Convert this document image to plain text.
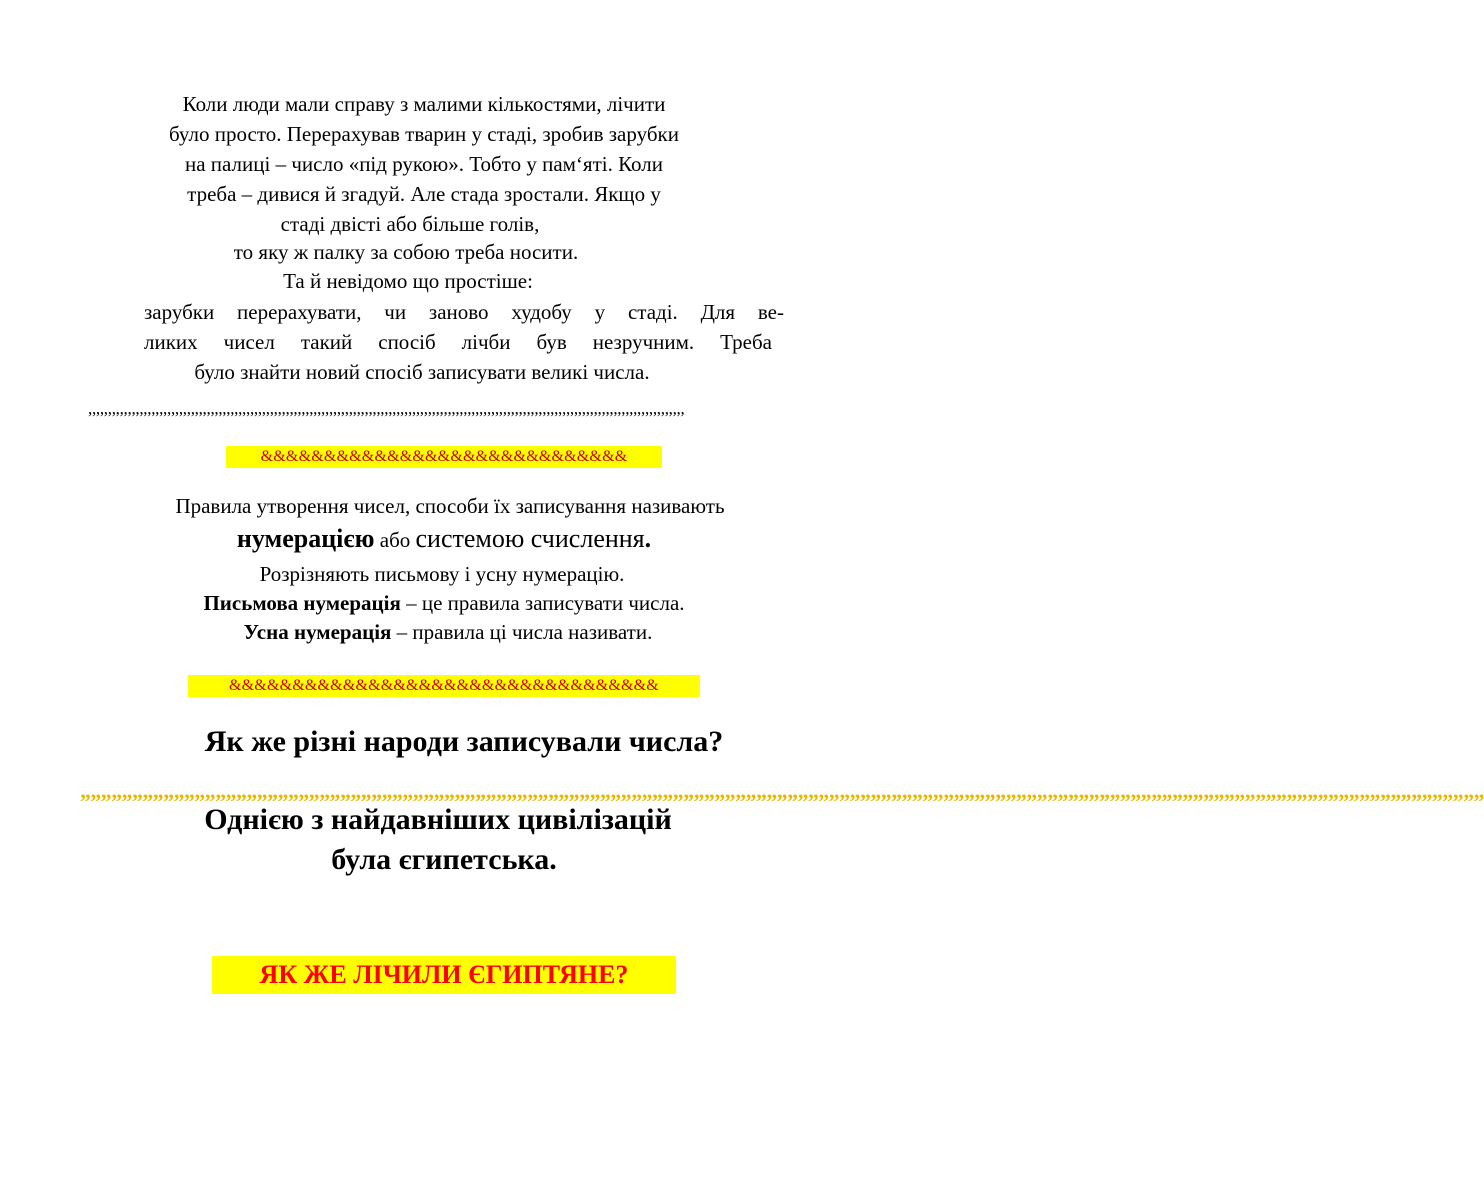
Коли люди мали справу з малими кількостями, лічити
було просто. Перерахував тварин у стаді, зробив зарубки
на палиці – число «під рукою». Тобто у пам‘яті. Коли
треба – дивися й згадуй. Але стада зростали. Якщо у
стаді двісті або більше голів,
то яку ж палку за собою треба носити.
Та й невідомо що простіше:
зарубки перерахувати, чи заново худобу у стаді. Для ве-
ликих чисел такий спосіб лічби був незручним. Треба
було знайти новий спосіб записувати великі числа.
,,,,,,,,,,,,,,,,,,,,,,,,,,,,,,,,,,,,,,,,,,,,,,,,,,,,,,,,,,,,,,,,,,,,,,,,,,,,,,,,,,,,,,,,,,,,,,,,,,,,,,,,,,,,,,,,,,,,,,,,,,,,,,,,,,,,,,,,,,,,,,,,,,,,,,,
&&&&&&&&&&&&&&&&&&&&&&&&&&&&&
Правила утворення чисел, способи їх записування називають
нумерацією або системою счислення.
Розрізняють письмову і усну нумерацію.
Письмова нумерація – це правила записувати числа.
Усна нумерація – правила ці числа називати.
&&&&&&&&&&&&&&&&&&&&&&&&&&&&&&&&&&
Як же різні народи записували числа?
„„„„„„„„„„„„„„„„„„„„„„„„„„„„„„„„„„„„„„„„„„„„„„„„„„„„„„„„„„„„„„„„„„„„„„„„„„„„„„„„„„„„„„„„„„„„„„„„„„„„„„„„„„„„„„„„„„„„„„„„„„„„„„„„„„„„„„„
Однією з найдавніших цивілізацій
була єгипетська.
ЯК ЖЕ ЛІЧИЛИ ЄГИПТЯНЕ?
